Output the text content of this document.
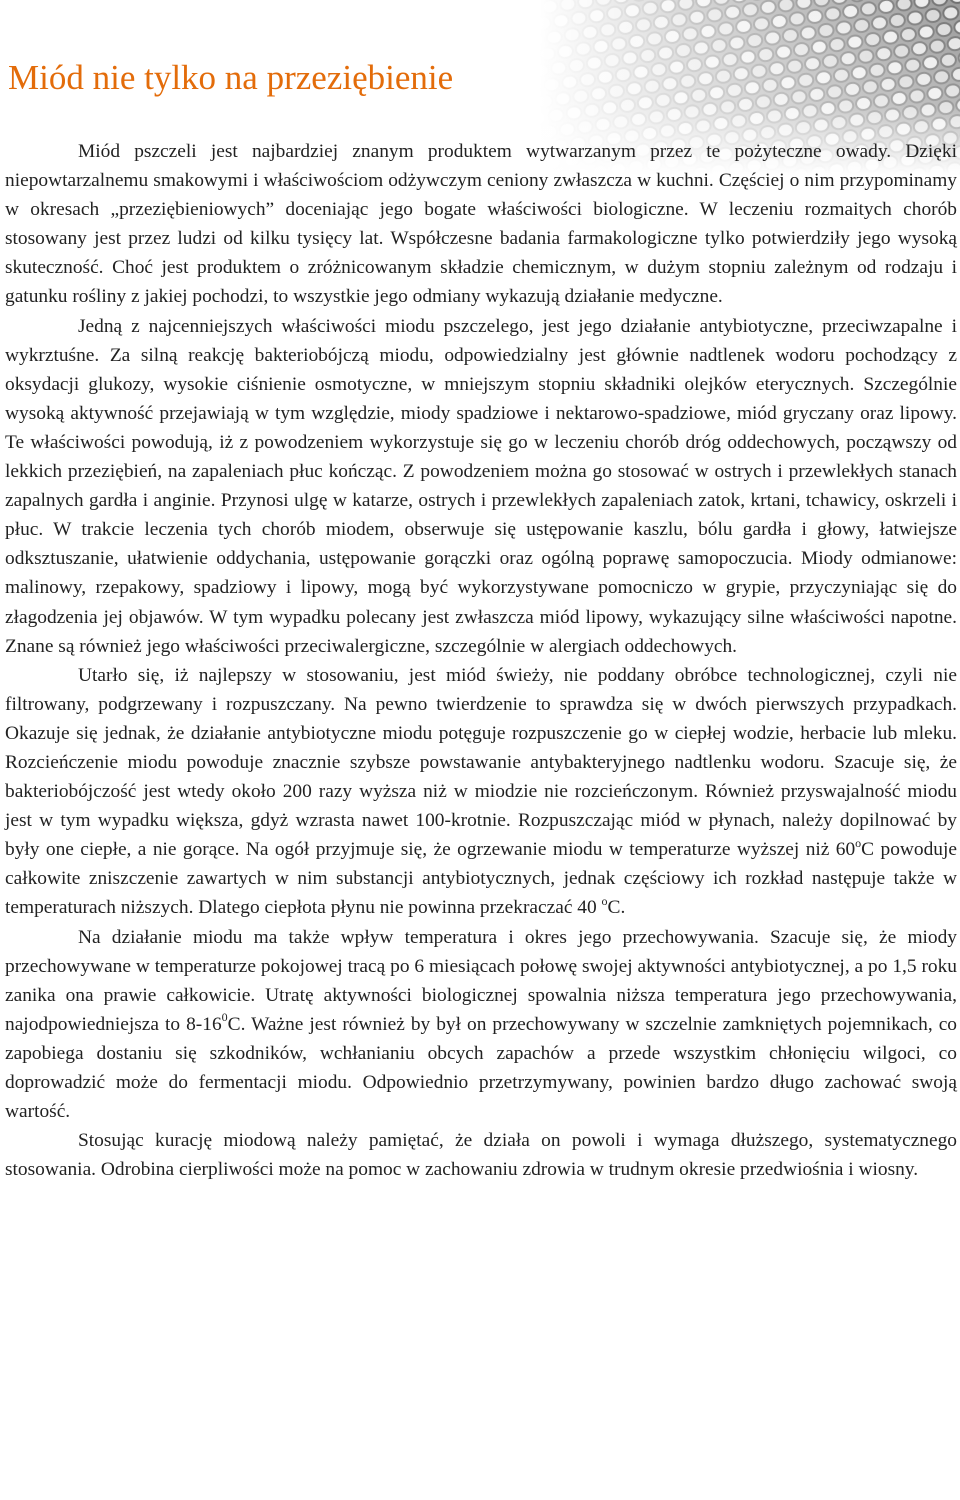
Miód nie tylko na przeziębienie

Miód pszczeli jest najbardziej znanym produktem wytwarzanym przez te pożyteczne owady. Dzięki niepowtarzalnemu smakowymi i właściwościom odżywczym ceniony zwłaszcza w kuchni. Częściej o nim przypominamy w okresach „przeziębieniowych” doceniając jego bogate właściwości biologiczne. W leczeniu rozmaitych chorób stosowany jest przez ludzi od kilku tysięcy lat. Współczesne badania farmakologiczne tylko potwierdziły jego wysoką skuteczność. Choć jest produktem o zróżnicowanym składzie chemicznym, w dużym stopniu zależnym od rodzaju i gatunku rośliny z jakiej pochodzi, to wszystkie jego odmiany wykazują działanie medyczne.

Jedną z najcenniejszych właściwości miodu pszczelego, jest jego działanie antybiotyczne, przeciwzapalne i wykrztuśne. Za silną reakcję bakteriobójczą miodu, odpowiedzialny jest głównie nadtlenek wodoru pochodzący z oksydacji glukozy, wysokie ciśnienie osmotyczne, w mniejszym stopniu składniki olejków eterycznych. Szczególnie wysoką aktywność przejawiają w tym względzie, miody spadziowe i nektarowo-spadziowe, miód gryczany oraz lipowy. Te właściwości powodują, iż z powodzeniem wykorzystuje się go w leczeniu chorób dróg oddechowych, począwszy od lekkich przeziębień, na zapaleniach płuc kończąc. Z powodzeniem można go stosować w ostrych i przewlekłych stanach zapalnych gardła i anginie. Przynosi ulgę w katarze, ostrych i przewlekłych zapaleniach zatok, krtani, tchawicy, oskrzeli i płuc. W trakcie leczenia tych chorób miodem, obserwuje się ustępowanie kaszlu, bólu gardła i głowy, łatwiejsze odksztuszanie, ułatwienie oddychania, ustępowanie gorączki oraz ogólną poprawę samopoczucia. Miody odmianowe: malinowy, rzepakowy, spadziowy i lipowy, mogą być wykorzystywane pomocniczo w grypie, przyczyniając się do złagodzenia jej objawów. W tym wypadku polecany jest zwłaszcza miód lipowy, wykazujący silne właściwości napotne. Znane są również jego właściwości przeciwalergiczne, szczególnie w alergiach oddechowych.

Utarło się, iż najlepszy w stosowaniu, jest miód świeży, nie poddany obróbce technologicznej, czyli nie filtrowany, podgrzewany i rozpuszczany. Na pewno twierdzenie to sprawdza się w dwóch pierwszych przypadkach. Okazuje się jednak, że działanie antybiotyczne miodu potęguje rozpuszczenie go w ciepłej wodzie, herbacie lub mleku. Rozcieńczenie miodu powoduje znacznie szybsze powstawanie antybakteryjnego nadtlenku wodoru. Szacuje się, że bakteriobójczość jest wtedy około 200 razy wyższa niż w miodzie nie rozcieńczonym. Również przyswajalność miodu jest w tym wypadku większa, gdyż wzrasta nawet 100-krotnie. Rozpuszczając miód w płynach, należy dopilnować by były one ciepłe, a nie gorące. Na ogół przyjmuje się, że ogrzewanie miodu w temperaturze wyższej niż 60$^o$C powoduje całkowite zniszczenie zawartych w nim substancji antybiotycznych, jednak częściowy ich rozkład następuje także w temperaturach niższych. Dlatego ciepłota płynu nie powinna przekraczać 40 $^o$C.

Na działanie miodu ma także wpływ temperatura i okres jego przechowywania. Szacuje się, że miody przechowywane w temperaturze pokojowej tracą po 6 miesiącach połowę swojej aktywności antybiotycznej, a po 1,5 roku zanika ona prawie całkowicie. Utratę aktywności biologicznej spowalnia niższa temperatura jego przechowywania, najodpowiedniejsza to $8-16^0C$. Ważne jest również by był on przechowywany w szczelnie zamkniętych pojemnikach, co zapobiega dostaniu się szkodników, wchłanianiu obcych zapachów a przede wszystkim chłonięciu wilgoci, co doprowadzić może do fermentacji miodu. Odpowiednio przetrzymywany, powinien bardzo długo zachować swoją wartość.

Stosując kurację miodową należy pamiętać, że działa on powoli i wymaga dłuższego, systematycznego stosowania. Odrobina cierpliwości może na pomoc w zachowaniu zdrowia w trudnym okresie przedwiośnia i wiosny.
